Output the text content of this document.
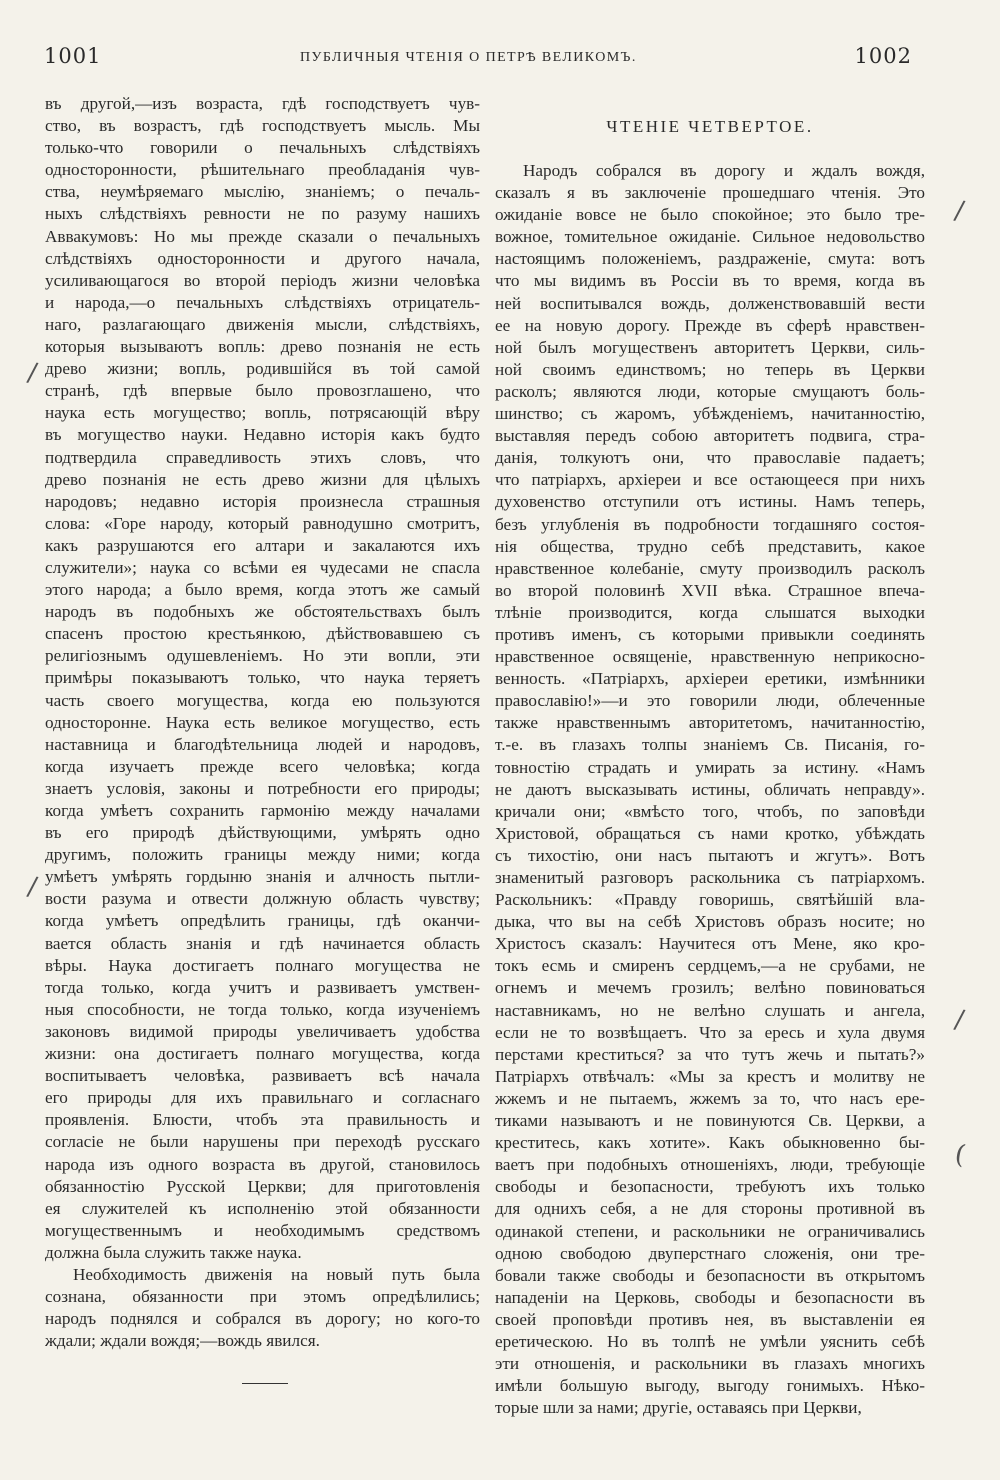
1001	ПУБЛИЧНЫЯ ЧТЕНІЯ О ПЕТРѢ ВЕЛИКОМЪ.	1002
въ другой,—изъ возраста, гдѣ господствуетъ чув-
ство, въ возрастъ, гдѣ господствуетъ мысль. Мы
только-что говорили о печальныхъ слѣдствіяхъ
односторонности, рѣшительнаго преобладанія чув-
ства, неумѣряемаго мыслію, знаніемъ; о печаль-
ныхъ слѣдствіяхъ ревности не по разуму нашихъ
Аввакумовъ: Но мы прежде сказали о печальныхъ
слѣдствіяхъ односторонности и другого начала,
усиливающагося во второй періодъ жизни человѣка
и народа,—о печальныхъ слѣдствіяхъ отрицатель-
наго, разлагающаго движенія мысли, слѣдствіяхъ,
которыя вызываютъ вопль: древо познанія не есть
древо жизни; вопль, родившійся въ той самой
странѣ, гдѣ впервые было провозглашено, что
наука есть могущество; вопль, потрясающій вѣру
въ могущество науки. Недавно исторія какъ будто
подтвердила справедливость этихъ словъ, что
древо познанія не есть древо жизни для цѣлыхъ
народовъ; недавно исторія произнесла страшныя
слова: «Горе народу, который равнодушно смотритъ,
какъ разрушаются его алтари и закалаются ихъ
служители»; наука со всѣми ея чудесами не спасла
этого народа; а было время, когда этотъ же самый
народъ въ подобныхъ же обстоятельствахъ былъ
спасенъ простою крестьянкою, дѣйствовавшею съ
религіознымъ одушевленіемъ. Но эти вопли, эти
примѣры показываютъ только, что наука теряетъ
часть своего могущества, когда ею пользуются
односторонне. Наука есть великое могущество, есть
наставница и благодѣтельница людей и народовъ,
когда изучаетъ прежде всего человѣка; когда
знаетъ условія, законы и потребности его природы;
когда умѣетъ сохранить гармонію между началами
въ его природѣ дѣйствующими, умѣрять одно
другимъ, положить границы между ними; когда
умѣетъ умѣрять гордыню знанія и алчность пытли-
вости разума и отвести должную область чувству;
когда умѣетъ опредѣлить границы, гдѣ оканчи-
вается область знанія и гдѣ начинается область
вѣры. Наука достигаетъ полнаго могущества не
тогда только, когда учитъ и развиваетъ умствен-
ныя способности, не тогда только, когда изученіемъ
законовъ видимой природы увеличиваетъ удобства
жизни: она достигаетъ полнаго могущества, когда
воспитываетъ человѣка, развиваетъ всѣ начала
его природы для ихъ правильнаго и согласнаго
проявленія. Блюсти, чтобъ эта правильность и
согласіе не были нарушены при переходѣ русскаго
народа изъ одного возраста въ другой, становилось
обязанностію Русской Церкви; для приготовленія
ея служителей къ исполненію этой обязанности
могущественнымъ и необходимымъ средствомъ
должна была служить также наука.
Необходимость движенія на новый путь была
сознана, обязанности при этомъ опредѣлились;
народъ поднялся и собрался въ дорогу; но кого-то
ждали; ждали вождя;—вождь явился.
ЧТЕНІЕ ЧЕТВЕРТОЕ.
Народъ собрался въ дорогу и ждалъ вождя,
сказалъ я въ заключеніе прошедшаго чтенія. Это
ожиданіе вовсе не было спокойное; это было тре-
вожное, томительное ожиданіе. Сильное недовольство
настоящимъ положеніемъ, раздраженіе, смута: вотъ
что мы видимъ въ Россіи въ то время, когда въ
ней воспитывался вождь, долженствовавшій вести
ее на новую дорогу. Прежде въ сферѣ нравствен-
ной былъ могущественъ авторитетъ Церкви, силь-
ной своимъ единствомъ; но теперь въ Церкви
расколъ; являются люди, которые смущаютъ боль-
шинство; съ жаромъ, убѣжденіемъ, начитанностію,
выставляя передъ собою авторитетъ подвига, стра-
данія, толкуютъ они, что православіе падаетъ;
что патріархъ, архіереи и все остающееся при нихъ
духовенство отступили отъ истины. Намъ теперь,
безъ углубленія въ подробности тогдашняго состоя-
нія общества, трудно себѣ представить, какое
нравственное колебаніе, смуту производилъ расколъ
во второй половинѣ XVII вѣка. Страшное впеча-
тлѣніе производится, когда слышатся выходки
противъ именъ, съ которыми привыкли соединять
нравственное освященіе, нравственную неприкосно-
венность. «Патріархъ, архіереи еретики, измѣнники
православію!»—и это говорили люди, облеченные
также нравственнымъ авторитетомъ, начитанностію,
т.-е. въ глазахъ толпы знаніемъ Св. Писанія, го-
товностію страдать и умирать за истину. «Намъ
не даютъ высказывать истины, обличать неправду».
кричали они; «вмѣсто того, чтобъ, по заповѣди
Христовой, обращаться съ нами кротко, убѣждать
съ тихостію, они насъ пытаютъ и жгутъ». Вотъ
знаменитый разговоръ раскольника съ патріархомъ.
Раскольникъ: «Правду говоришь, святѣйшій вла-
дыка, что вы на себѣ Христовъ образъ носите; но
Христосъ сказалъ: Научитеся отъ Мене, яко кро-
токъ есмь и смиренъ сердцемъ,—а не срубами, не
огнемъ и мечемъ грозилъ; велѣно повиноваться
наставникамъ, но не велѣно слушать и ангела,
если не то возвѣщаетъ. Что за ересь и хула двумя
перстами креститься? за что тутъ жечь и пытать?»
Патріархъ отвѣчалъ: «Мы за крестъ и молитву не
жжемъ и не пытаемъ, жжемъ за то, что насъ ере-
тиками называютъ и не повинуются Св. Церкви, а
креститесь, какъ хотите». Какъ обыкновенно бы-
ваетъ при подобныхъ отношеніяхъ, люди, требующіе
свободы и безопасности, требуютъ ихъ только
для однихъ себя, а не для стороны противной въ
одинакой степени, и раскольники не ограничивались
одною свободою двуперстнаго сложенія, они тре-
бовали также свободы и безопасности въ открытомъ
нападеніи на Церковь, свободы и безопасности въ
своей проповѣди противъ нея, въ выставленіи ея
еретическою. Но въ толпѣ не умѣли уяснить себѣ
эти отношенія, и раскольники въ глазахъ многихъ
имѣли большую выгоду, выгоду гонимыхъ. Нѣко-
торые шли за нами; другіе, оставаясь при Церкви,
/
/
/
/
(
